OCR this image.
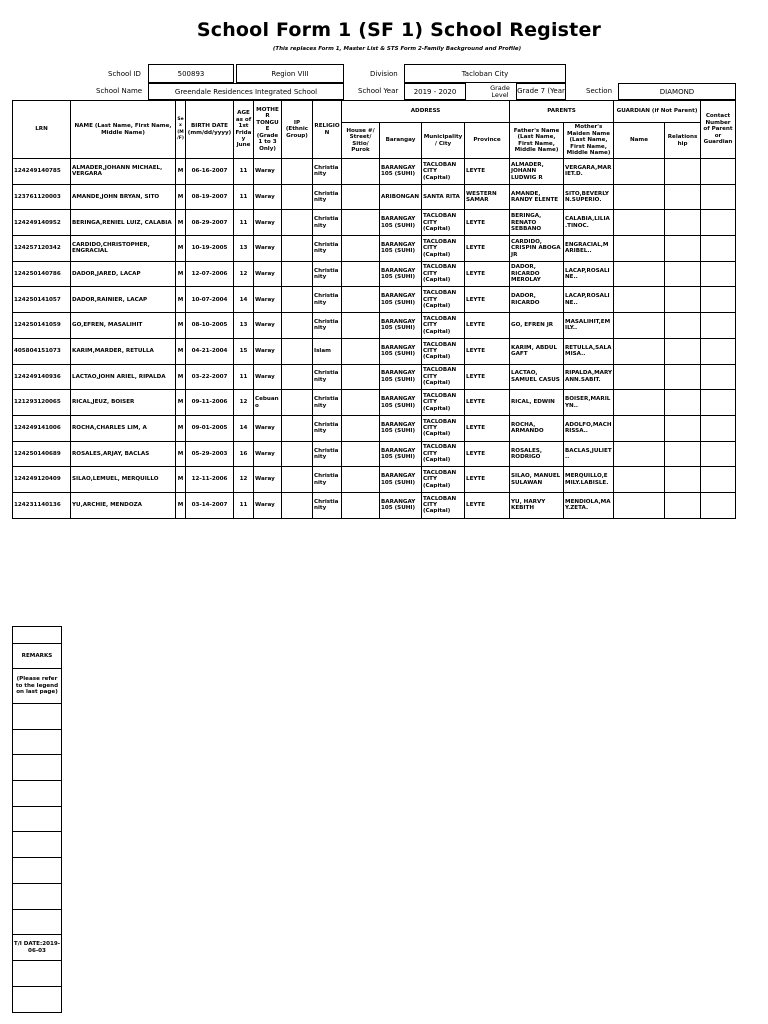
School Form 1 (SF 1) School Register
(This replaces Form 1, Master List & STS Form 2-Family Background and Profile)
School ID	500893	Region VIII	Division	Tacloban City
School Name	Greendale Residences Integrated School	School Year	2019 - 2020	Grade Level	Grade 7 (Year	Section	DIAMOND
LRN	NAME (Last Name, First Name, Middle Name)	Sex (M/F)	BIRTH DATE (mm/dd/yyyy)	AGE as of 1st Friday June	MOTHER TONGUE (Grade 1 to 3 Only)	IP (Ethnic Group)	RELIGION	ADDRESS				PARENTS		GUARDIAN (if Not Parent)		Contact Number of Parent or Guardian
								House #/ Street/ Sitio/ Purok	Barangay	Municipality / City	Province	Father's Name (Last Name, First Name, Middle Name)	Mother's Maiden Name (Last Name, First Name, Middle Name)	Name	Relationship	
124249140785	ALMADER,JOHANN MICHAEL, VERGARA	M	06-16-2007	11	Waray		Christianity		BARANGAY 105 (SUHI)	TACLOBAN CITY (Capital)	LEYTE	ALMADER, JOHANN LUDWIG R	VERGARA,MARIET.D.			
123761120003	AMANDE,JOHN BRYAN, SITO	M	08-19-2007	11	Waray		Christianity		ARIBONGAN	SANTA RITA	WESTERN SAMAR	AMANDE, RANDY ELENTE	SITO,BEVERLYN.SUPERIO.			
124249140952	BERINGA,RENIEL LUIZ, CALABIA	M	08-29-2007	11	Waray		Christianity		BARANGAY 105 (SUHI)	TACLOBAN CITY (Capital)	LEYTE	BERINGA, RENATO SEBBANO	CALABIA,LILIA.TINOC.			
124257120342	CARDIDO,CHRISTOPHER, ENGRACIAL	M	10-19-2005	13	Waray		Christianity		BARANGAY 105 (SUHI)	TACLOBAN CITY (Capital)	LEYTE	CARDIDO, CRISPIN ABOGA JR	ENGRACIAL,MARIBEL..			
124250140786	DADOR,JARED, LACAP	M	12-07-2006	12	Waray		Christianity		BARANGAY 105 (SUHI)	TACLOBAN CITY (Capital)	LEYTE	DADOR, RICARDO MEROLAY	LACAP,ROSALINE..			
124250141057	DADOR,RAINIER, LACAP	M	10-07-2004	14	Waray		Christianity		BARANGAY 105 (SUHI)	TACLOBAN CITY (Capital)	LEYTE	DADOR, RICARDO	LACAP,ROSALINE..			
124250141059	GO,EFREN, MASALIHIT	M	08-10-2005	13	Waray		Christianity		BARANGAY 105 (SUHI)	TACLOBAN CITY (Capital)	LEYTE	GO, EFREN JR	MASALIHIT,EMILY..			
405804151073	KARIM,MARDER, RETULLA	M	04-21-2004	15	Waray		Islam		BARANGAY 105 (SUHI)	TACLOBAN CITY (Capital)	LEYTE	KARIM, ABDUL GAFT	RETULLA,SALAMISA..			
124249140936	LACTAO,JOHN ARIEL, RIPALDA	M	03-22-2007	11	Waray		Christianity		BARANGAY 105 (SUHI)	TACLOBAN CITY (Capital)	LEYTE	LACTAO, SAMUEL CASUS	RIPALDA,MARY ANN.SABIT.			
121293120065	RICAL,JEUZ, BOISER	M	09-11-2006	12	Cebuano		Christianity		BARANGAY 105 (SUHI)	TACLOBAN CITY (Capital)	LEYTE	RICAL, EDWIN	BOISER,MARILYN..			
124249141006	ROCHA,CHARLES LIM, A	M	09-01-2005	14	Waray		Christianity		BARANGAY 105 (SUHI)	TACLOBAN CITY (Capital)	LEYTE	ROCHA, ARMANDO	ADOLFO,MACHRISSA..			
124250140689	ROSALES,ARJAY, BACLAS	M	05-29-2003	16	Waray		Christianity		BARANGAY 105 (SUHI)	TACLOBAN CITY (Capital)	LEYTE	ROSALES, RODRIGO	BACLAS,JULIET..			
124249120409	SILAO,LEMUEL, MERQUILLO	M	12-11-2006	12	Waray		Christianity		BARANGAY 105 (SUHI)	TACLOBAN CITY (Capital)	LEYTE	SILAO, MANUEL SULAWAN	MERQUILLO,EMILY.LABISLE.			
124231140136	YU,ARCHIE, MENDOZA	M	03-14-2007	11	Waray		Christianity		BARANGAY 105 (SUHI)	TACLOBAN CITY (Capital)	LEYTE	YU, HARVY KEBITH	MENDIOLA,MAY.ZETA.			

REMARKS
(Please refer to the legend on last page)

T/I DATE:2019-06-03
